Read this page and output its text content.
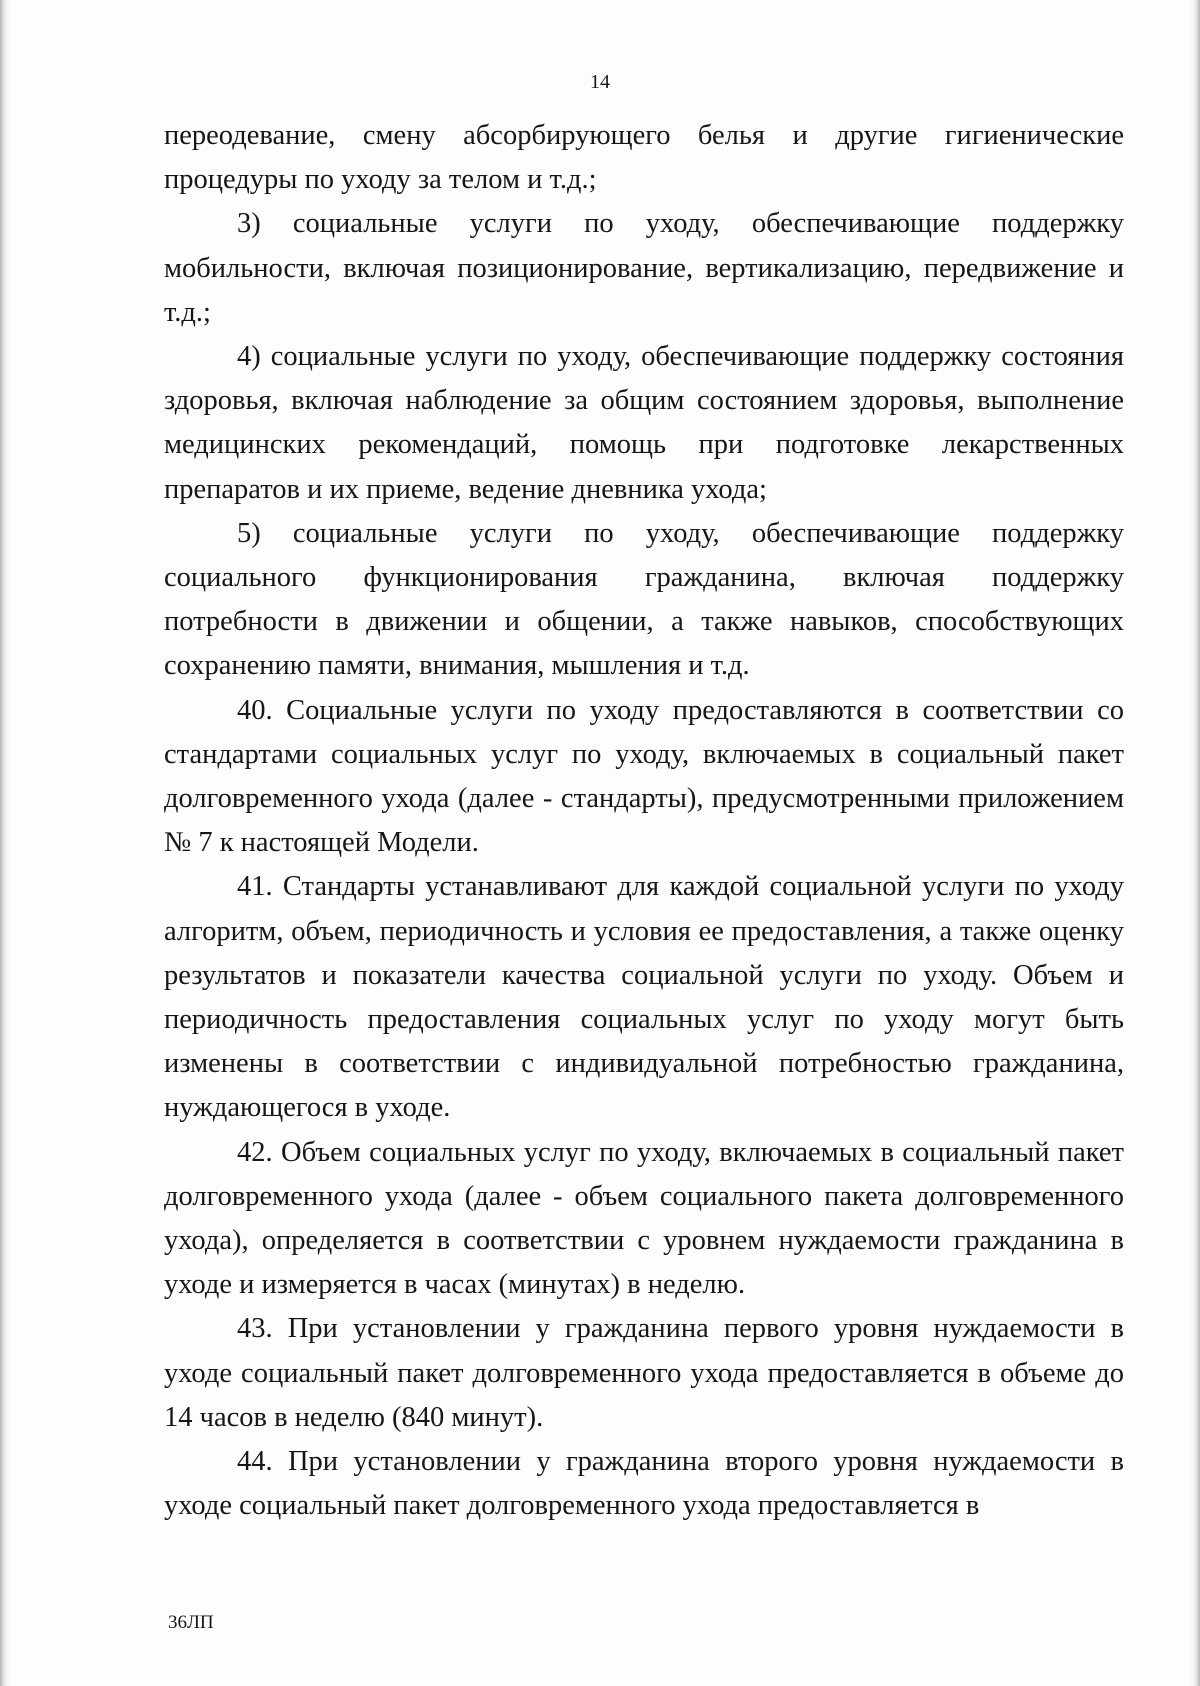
14

переодевание, смену абсорбирующего белья и другие гигиенические процедуры по уходу за телом и т.д.;

3) социальные услуги по уходу, обеспечивающие поддержку мобильности, включая позиционирование, вертикализацию, передвижение и т.д.;

4) социальные услуги по уходу, обеспечивающие поддержку состояния здоровья, включая наблюдение за общим состоянием здоровья, выполнение медицинских рекомендаций, помощь при подготовке лекарственных препаратов и их приеме, ведение дневника ухода;

5) социальные услуги по уходу, обеспечивающие поддержку социального функционирования гражданина, включая поддержку потребности в движении и общении, а также навыков, способствующих сохранению памяти, внимания, мышления и т.д.

40. Социальные услуги по уходу предоставляются в соответствии со стандартами социальных услуг по уходу, включаемых в социальный пакет долговременного ухода (далее - стандарты), предусмотренными приложением № 7 к настоящей Модели.

41. Стандарты устанавливают для каждой социальной услуги по уходу алгоритм, объем, периодичность и условия ее предоставления, а также оценку результатов и показатели качества социальной услуги по уходу. Объем и периодичность предоставления социальных услуг по уходу могут быть изменены в соответствии с индивидуальной потребностью гражданина, нуждающегося в уходе.

42. Объем социальных услуг по уходу, включаемых в социальный пакет долговременного ухода (далее - объем социального пакета долговременного ухода), определяется в соответствии с уровнем нуждаемости гражданина в уходе и измеряется в часах (минутах) в неделю.

43. При установлении у гражданина первого уровня нуждаемости в уходе социальный пакет долговременного ухода предоставляется в объеме до 14 часов в неделю (840 минут).

44. При установлении у гражданина второго уровня нуждаемости в уходе социальный пакет долговременного ухода предоставляется в

36ЛП
